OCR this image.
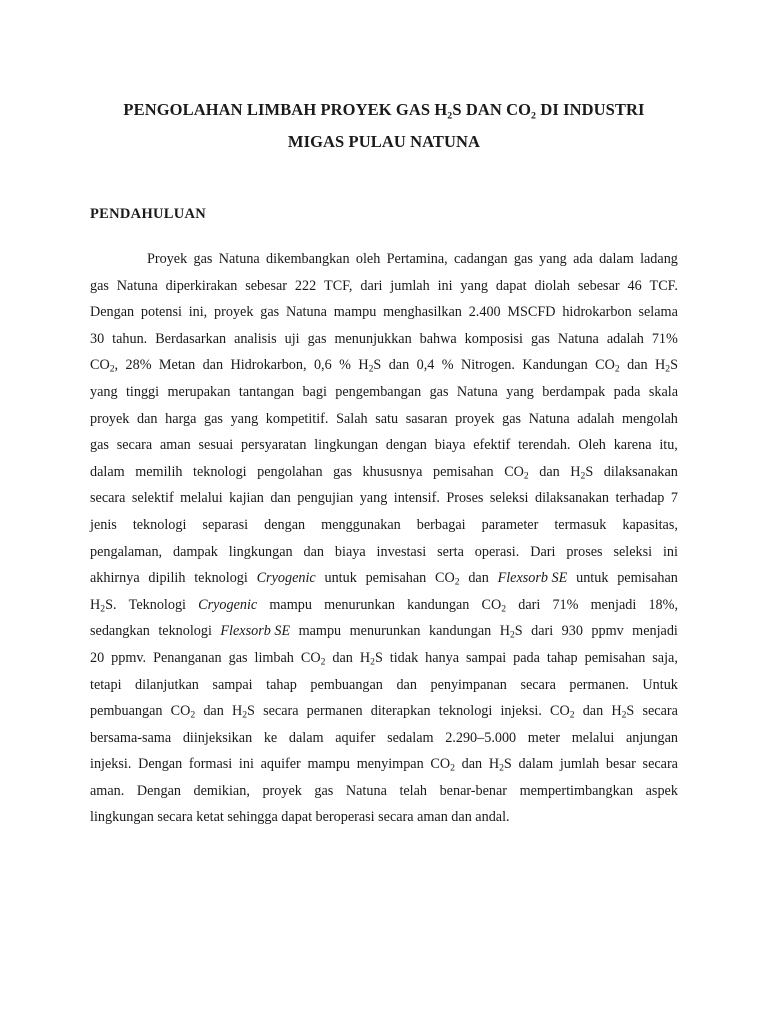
PENGOLAHAN LIMBAH PROYEK GAS H₂S DAN CO₂ DI INDUSTRI
MIGAS PULAU NATUNA
PENDAHULUAN
Proyek gas Natuna dikembangkan oleh Pertamina, cadangan gas yang ada dalam ladang
gas Natuna diperkirakan sebesar 222 TCF, dari jumlah ini yang dapat diolah sebesar 46 TCF.
Dengan potensi ini, proyek gas Natuna mampu menghasilkan 2.400 MSCFD hidrokarbon selama
30 tahun. Berdasarkan analisis uji gas menunjukkan bahwa komposisi gas Natuna adalah 71%
$CO_2$, 28% Metan dan Hidrokarbon, 0,6 % $H_2S$ dan 0,4 % Nitrogen. Kandungan $CO_2$ dan $H_2S$
yang tinggi merupakan tantangan bagi pengembangan gas Natuna yang berdampak pada skala
proyek dan harga gas yang kompetitif. Salah satu sasaran proyek gas Natuna adalah mengolah
gas secara aman sesuai persyaratan lingkungan dengan biaya efektif terendah. Oleh karena itu,
dalam memilih teknologi pengolahan gas khususnya pemisahan $CO_2$ dan $H_2S$ dilaksanakan
secara selektif melalui kajian dan pengujian yang intensif. Proses seleksi dilaksanakan terhadap 7
jenis teknologi separasi dengan menggunakan berbagai parameter termasuk kapasitas,
pengalaman, dampak lingkungan dan biaya investasi serta operasi. Dari proses seleksi ini
akhirnya dipilih teknologi Cryogenic untuk pemisahan $CO_2$ dan Flexsorb SE untuk pemisahan
$H_2S$. Teknologi Cryogenic mampu menurunkan kandungan $CO_2$ dari 71% menjadi 18%,
sedangkan teknologi Flexsorb SE mampu menurunkan kandungan $H_2S$ dari 930 ppmv menjadi
20 ppmv. Penanganan gas limbah $CO_2$ dan $H_2S$ tidak hanya sampai pada tahap pemisahan saja,
tetapi dilanjutkan sampai tahap pembuangan dan penyimpanan secara permanen. Untuk
pembuangan $CO_2$ dan $H_2S$ secara permanen diterapkan teknologi injeksi. $CO_2$ dan $H_2S$ secara
bersama-sama diinjeksikan ke dalam aquifer sedalam 2.290–5.000 meter melalui anjungan
injeksi. Dengan formasi ini aquifer mampu menyimpan $CO_2$ dan $H_2S$ dalam jumlah besar secara
aman. Dengan demikian, proyek gas Natuna telah benar-benar mempertimbangkan aspek
lingkungan secara ketat sehingga dapat beroperasi secara aman dan andal.
